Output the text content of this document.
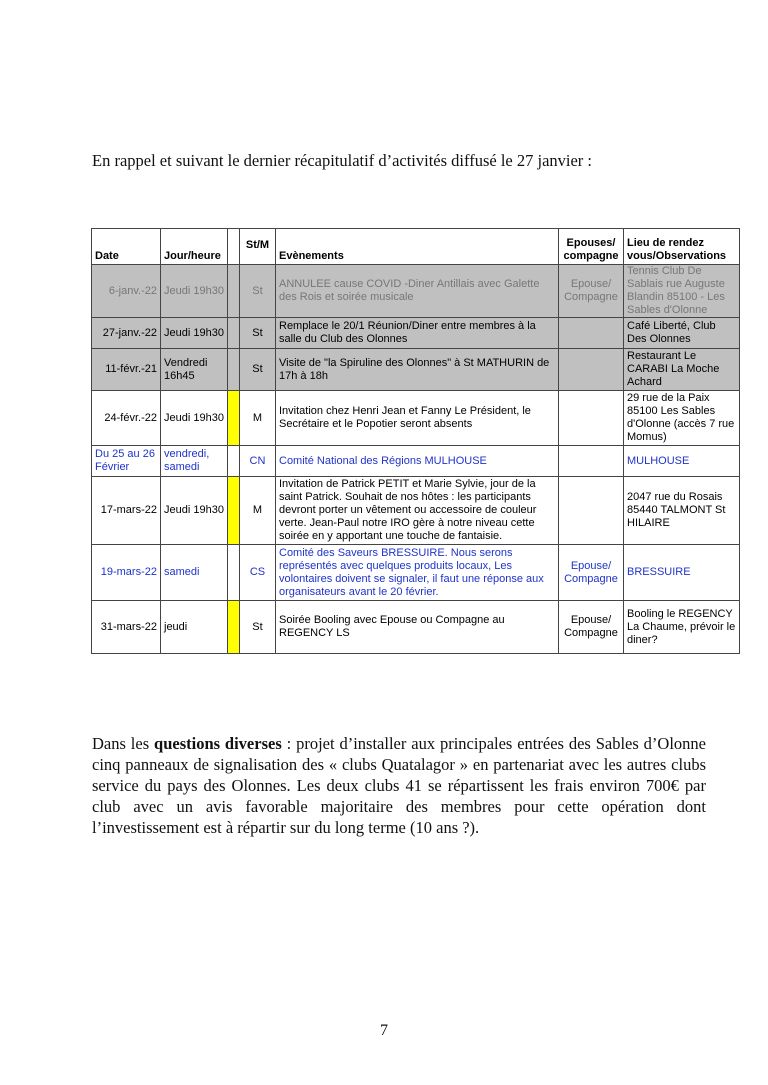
En rappel et suivant le dernier récapitulatif d’activités diffusé le 27 janvier :
Date	Jour/heure		St/M	Evènements	Epouses/ compagne	Lieu de rendez vous/Observations
6-janv.-22	Jeudi 19h30		St	ANNULEE cause COVID -Diner Antillais avec Galette des Rois et soirée musicale	Epouse/ Compagne	Tennis Club De Sablais rue Auguste Blandin 85100 - Les Sables d'Olonne
27-janv.-22	Jeudi 19h30		St	Remplace le 20/1 Réunion/Diner entre membres à la salle du Club des Olonnes		Café Liberté, Club Des Olonnes
11-févr.-21	Vendredi 16h45		St	Visite de "la Spiruline des Olonnes" à St MATHURIN de 17h à 18h		Restaurant Le CARABI La Moche Achard
24-févr.-22	Jeudi 19h30		M	Invitation chez Henri Jean et Fanny Le Président, le Secrétaire et le Popotier seront absents		29 rue de la Paix 85100 Les Sables d'Olonne (accès 7 rue Momus)
Du 25 au 26 Février	vendredi, samedi		CN	Comité National des Régions MULHOUSE		MULHOUSE
17-mars-22	Jeudi 19h30		M	Invitation de Patrick PETIT et Marie Sylvie, jour de la saint Patrick. Souhait de nos hôtes : les participants devront porter un vêtement ou accessoire de couleur verte. Jean-Paul notre IRO gère à notre niveau cette soirée en y apportant une touche de fantaisie.		2047 rue du Rosais 85440 TALMONT St HILAIRE
19-mars-22	samedi		CS	Comité des Saveurs BRESSUIRE. Nous serons représentés avec quelques produits locaux, Les volontaires doivent se signaler, il faut une réponse aux organisateurs avant le 20 février.	Epouse/ Compagne	BRESSUIRE
31-mars-22	jeudi		St	Soirée Booling avec Epouse ou Compagne au REGENCY LS	Epouse/ Compagne	Booling le REGENCY La Chaume, prévoir le diner?
Dans les questions diverses : projet d’installer aux principales entrées des Sables d’Olonne cinq panneaux de signalisation des « clubs Quatalagor » en partenariat avec les autres clubs service du pays des Olonnes. Les deux clubs 41 se répartissent les frais environ 700€ par club avec un avis favorable majoritaire des membres pour cette opération dont l’investissement est à répartir sur du long terme (10 ans ?).
7
